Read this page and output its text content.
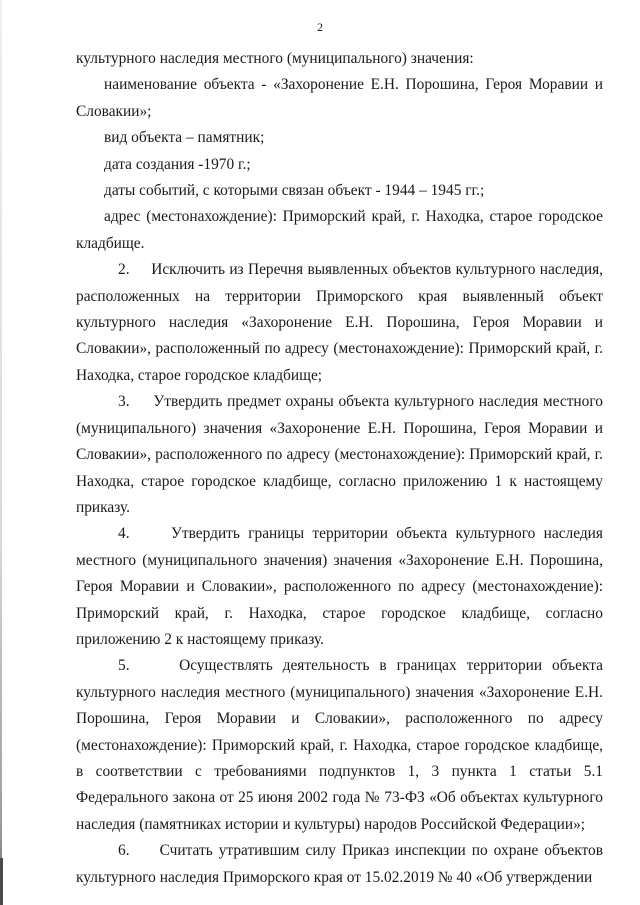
2

культурного наследия местного (муниципального) значения:

наименование объекта - «Захоронение Е.Н. Порошина, Героя Моравии и Словакии»;

вид объекта – памятник;

дата создания -1970 г.;

даты событий, с которыми связан объект - 1944 – 1945 гг.;

адрес (местонахождение): Приморский край, г. Находка, старое городское кладбище.

2.     Исключить из Перечня выявленных объектов культурного наследия, расположенных на территории Приморского края выявленный объект культурного наследия «Захоронение Е.Н. Порошина, Героя Моравии и Словакии», расположенный по адресу (местонахождение): Приморский край, г. Находка, старое городское кладбище;

3.     Утвердить предмет охраны объекта культурного наследия местного (муниципального) значения «Захоронение Е.Н. Порошина, Героя Моравии и Словакии», расположенного по адресу (местонахождение): Приморский край, г. Находка, старое городское кладбище, согласно приложению 1 к настоящему приказу.

4.     Утвердить границы территории объекта культурного наследия местного (муниципального значения) значения «Захоронение Е.Н. Порошина, Героя Моравии и Словакии», расположенного по адресу (местонахождение): Приморский край, г. Находка, старое городское кладбище, согласно приложению 2 к настоящему приказу.

5.     Осуществлять деятельность в границах территории объекта культурного наследия местного (муниципального) значения «Захоронение Е.Н. Порошина, Героя Моравии и Словакии», расположенного по адресу (местонахождение): Приморский край, г. Находка, старое городское кладбище, в соответствии с требованиями подпунктов 1, 3 пункта 1 статьи 5.1 Федерального закона от 25 июня 2002 года № 73-ФЗ «Об объектах культурного наследия (памятниках истории и культуры) народов Российской Федерации»;

6.     Считать утратившим силу Приказ инспекции по охране объектов культурного наследия Приморского края от 15.02.2019 № 40 «Об утверждении
